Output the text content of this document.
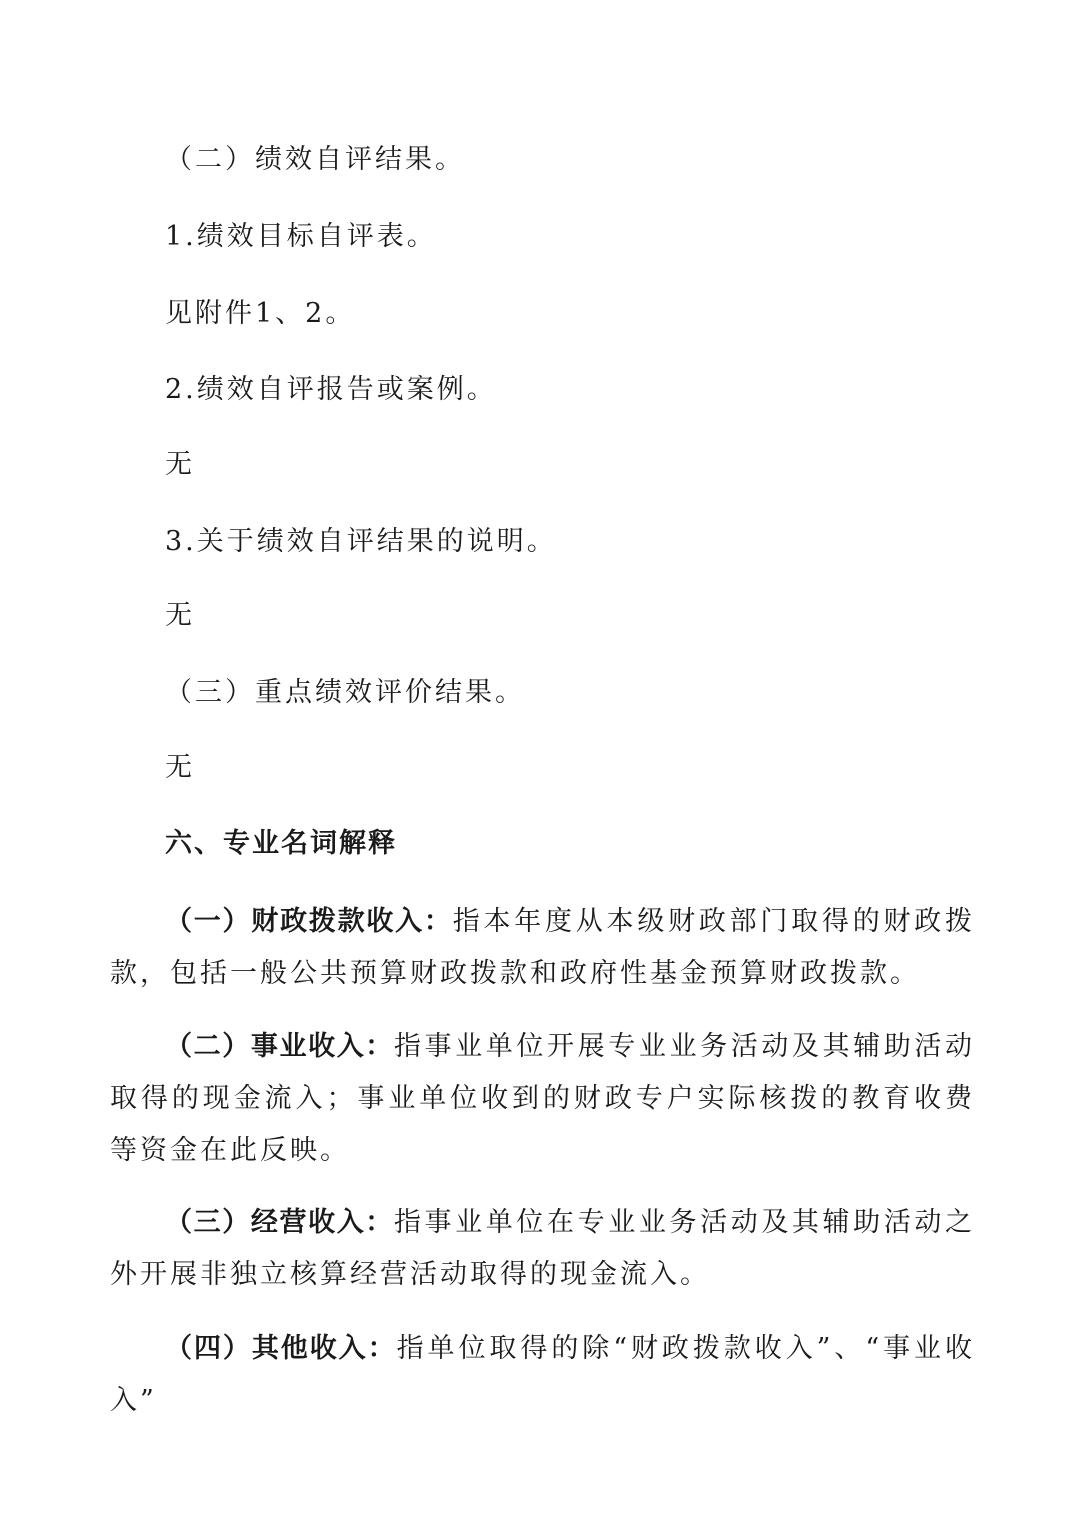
（二）绩效自评结果。
1.绩效目标自评表。
见附件1、2。
2.绩效自评报告或案例。
无
3.关于绩效自评结果的说明。
无
（三）重点绩效评价结果。
无
六、专业名词解释
（一）财政拨款收入：指本年度从本级财政部门取得的财政拨款，包括一般公共预算财政拨款和政府性基金预算财政拨款。
（二）事业收入：指事业单位开展专业业务活动及其辅助活动取得的现金流入；事业单位收到的财政专户实际核拨的教育收费等资金在此反映。
（三）经营收入：指事业单位在专业业务活动及其辅助活动之外开展非独立核算经营活动取得的现金流入。
（四）其他收入：指单位取得的除“财政拨款收入”、“事业收入”
